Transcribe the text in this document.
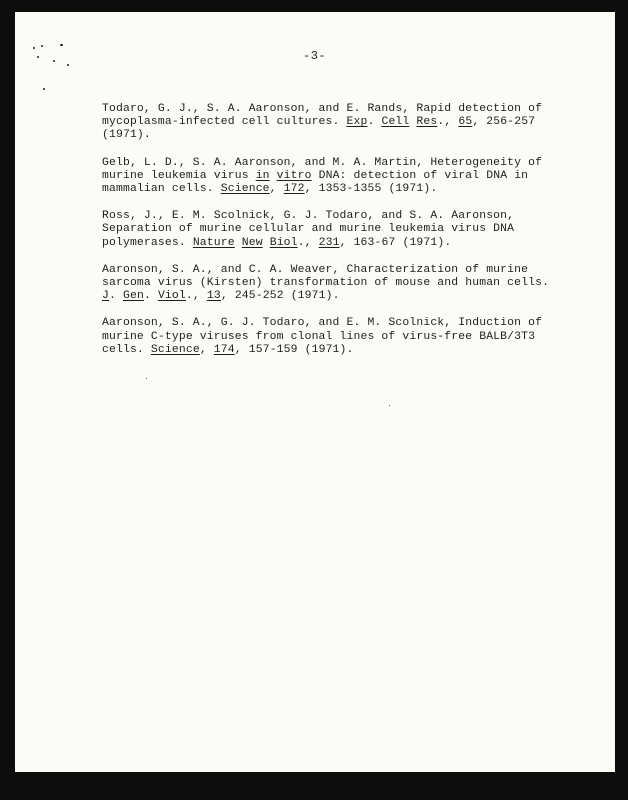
-3-
Todaro, G. J., S. A. Aaronson, and E. Rands, Rapid detection of
mycoplasma-infected cell cultures. Exp. Cell Res., 65, 256-257
(1971).
Gelb, L. D., S. A. Aaronson, and M. A. Martin, Heterogeneity of
murine leukemia virus in vitro DNA: detection of viral DNA in
mammalian cells. Science, 172, 1353-1355 (1971).
Ross, J., E. M. Scolnick, G. J. Todaro, and S. A. Aaronson,
Separation of murine cellular and murine leukemia virus DNA
polymerases. Nature New Biol., 231, 163-67 (1971).
Aaronson, S. A., and C. A. Weaver, Characterization of murine
sarcoma virus (Kirsten) transformation of mouse and human cells.
J. Gen. Viol., 13, 245-252 (1971).
Aaronson, S. A., G. J. Todaro, and E. M. Scolnick, Induction of
murine C-type viruses from clonal lines of virus-free BALB/3T3
cells. Science, 174, 157-159 (1971).
